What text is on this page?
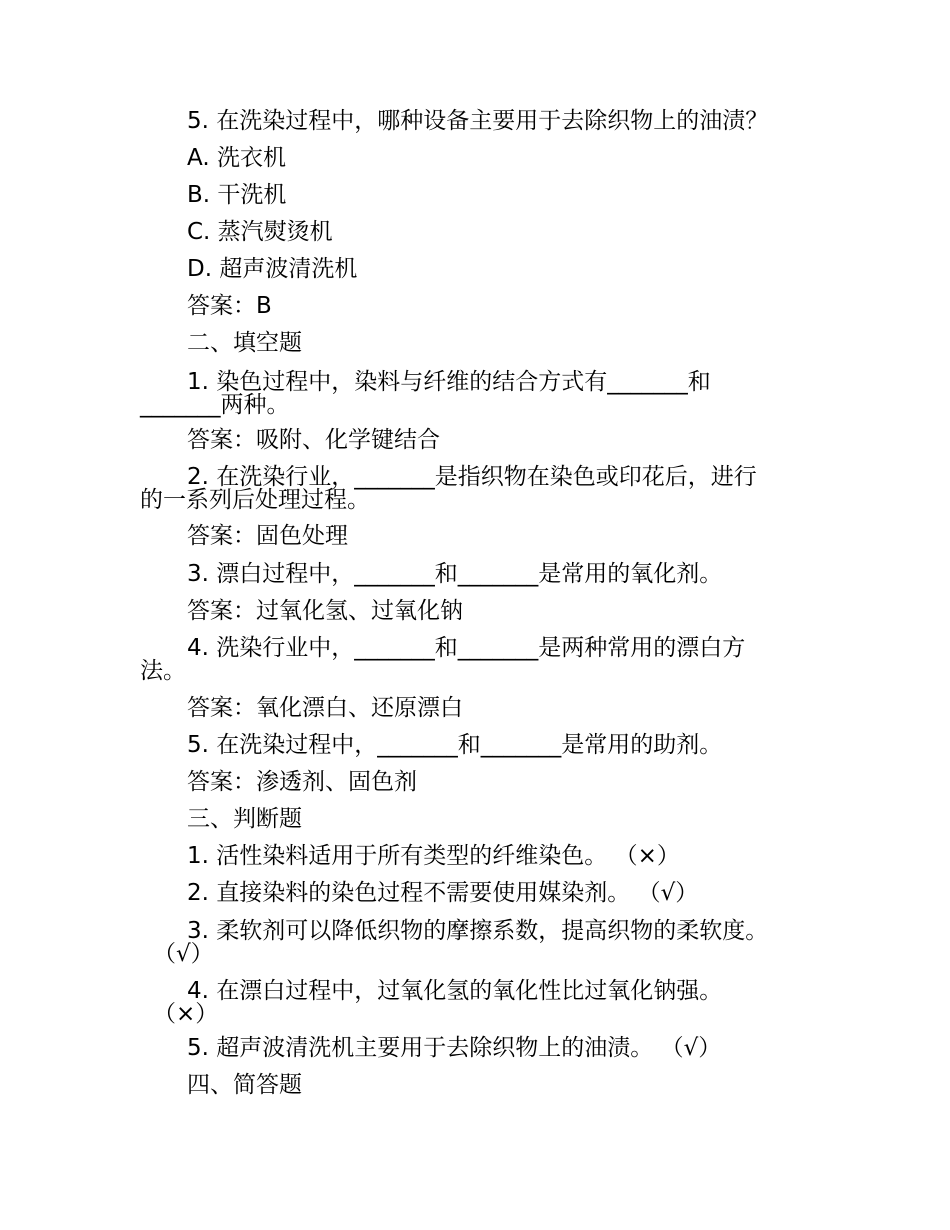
5. 在洗染过程中，哪种设备主要用于去除织物上的油渍？

A. 洗衣机

B. 干洗机

C. 蒸汽熨烫机

D. 超声波清洗机

答案：B

二、填空题

1. 染色过程中，染料与纤维的结合方式有_______和

_______两种。

答案：吸附、化学键结合

2. 在洗染行业，_______是指织物在染色或印花后，进行

的一系列后处理过程。

答案：固色处理

3. 漂白过程中，_______和_______是常用的氧化剂。

答案：过氧化氢、过氧化钠

4. 洗染行业中，_______和_______是两种常用的漂白方

法。

答案：氧化漂白、还原漂白

5. 在洗染过程中，_______和_______是常用的助剂。

答案：渗透剂、固色剂

三、判断题

1. 活性染料适用于所有类型的纤维染色。 （×）

2. 直接染料的染色过程不需要使用媒染剂。 （√）

3. 柔软剂可以降低织物的摩擦系数，提高织物的柔软度。

（√）

4. 在漂白过程中，过氧化氢的氧化性比过氧化钠强。

（×）

5. 超声波清洗机主要用于去除织物上的油渍。 （√）

四、简答题
